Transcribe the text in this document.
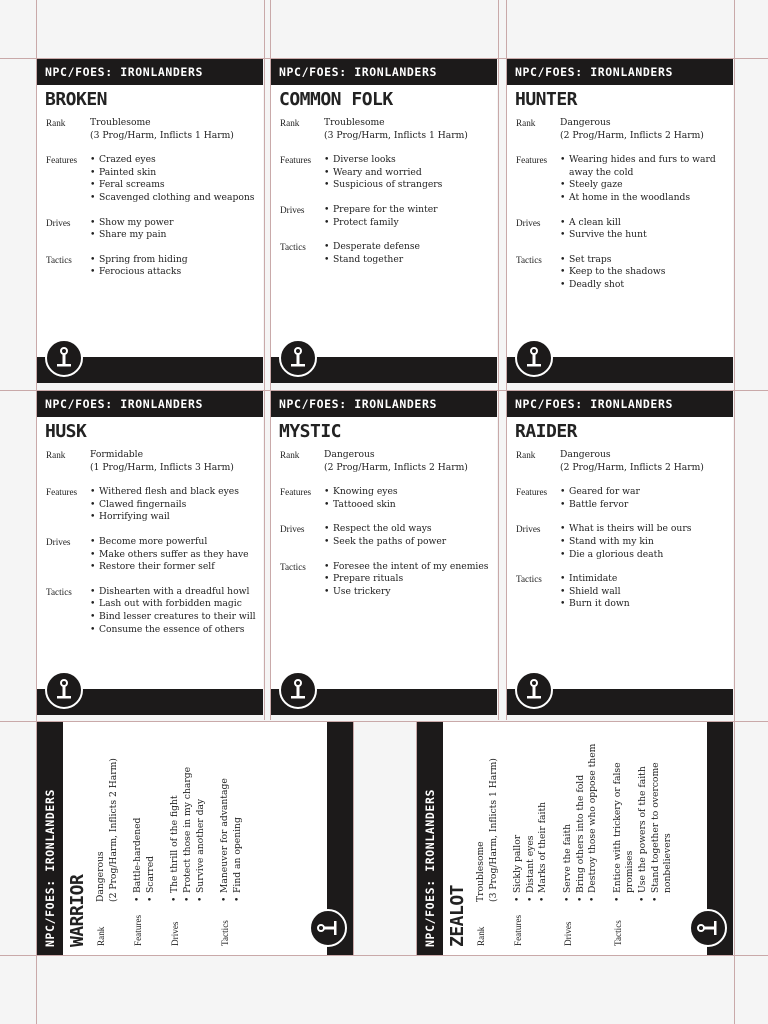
NPC/FOES: IRONLANDERS
BROKEN
Rank	Troublesome
(3 Prog/Harm, Inflicts 1 Harm)
Features	• Crazed eyes
• Painted skin
• Feral screams
• Scavenged clothing and weapons
Drives	• Show my power
• Share my pain
Tactics	• Spring from hiding
• Ferocious attacks
NPC/FOES: IRONLANDERS
COMMON FOLK
Rank	Troublesome
(3 Prog/Harm, Inflicts 1 Harm)
Features	• Diverse looks
• Weary and worried
• Suspicious of strangers
Drives	• Prepare for the winter
• Protect family
Tactics	• Desperate defense
• Stand together
NPC/FOES: IRONLANDERS
HUNTER
Rank	Dangerous
(2 Prog/Harm, Inflicts 2 Harm)
Features	• Wearing hides and furs to ward away the cold
• Steely gaze
• At home in the woodlands
Drives	• A clean kill
• Survive the hunt
Tactics	• Set traps
• Keep to the shadows
• Deadly shot
NPC/FOES: IRONLANDERS
HUSK
Rank	Formidable
(1 Prog/Harm, Inflicts 3 Harm)
Features	• Withered flesh and black eyes
• Clawed fingernails
• Horrifying wail
Drives	• Become more powerful
• Make others suffer as they have
• Restore their former self
Tactics	• Dishearten with a dreadful howl
• Lash out with forbidden magic
• Bind lesser creatures to their will
• Consume the essence of others
NPC/FOES: IRONLANDERS
MYSTIC
Rank	Dangerous
(2 Prog/Harm, Inflicts 2 Harm)
Features	• Knowing eyes
• Tattooed skin
Drives	• Respect the old ways
• Seek the paths of power
Tactics	• Foresee the intent of my enemies
• Prepare rituals
• Use trickery
NPC/FOES: IRONLANDERS
RAIDER
Rank	Dangerous
(2 Prog/Harm, Inflicts 2 Harm)
Features	• Geared for war
• Battle fervor
Drives	• What is theirs will be ours
• Stand with my kin
• Die a glorious death
Tactics	• Intimidate
• Shield wall
• Burn it down
NPC/FOES: IRONLANDERS WARRIOR Rank
Dangerous (2 Prog/Harm, Inflicts 2 Harm)
Features
• Battle-hardened • Scarred
Drives
• The thrill of the fight • Protect those in my charge • Survive another day
Tactics
• Maneuver for advantage • Find an opening	NPC/FOES: IRONLANDERS ZEALOT Rank
Troublesome (3 Prog/Harm, Inflicts 1 Harm)
Features
• Sickly pallor • Distant eyes • Marks of their faith
Drives
• Serve the faith • Bring others into the fold • Destroy those who oppose them
Tactics
• Entice with trickery or false promises • Use the powers of the faith • Stand together to overcome nonbelievers
